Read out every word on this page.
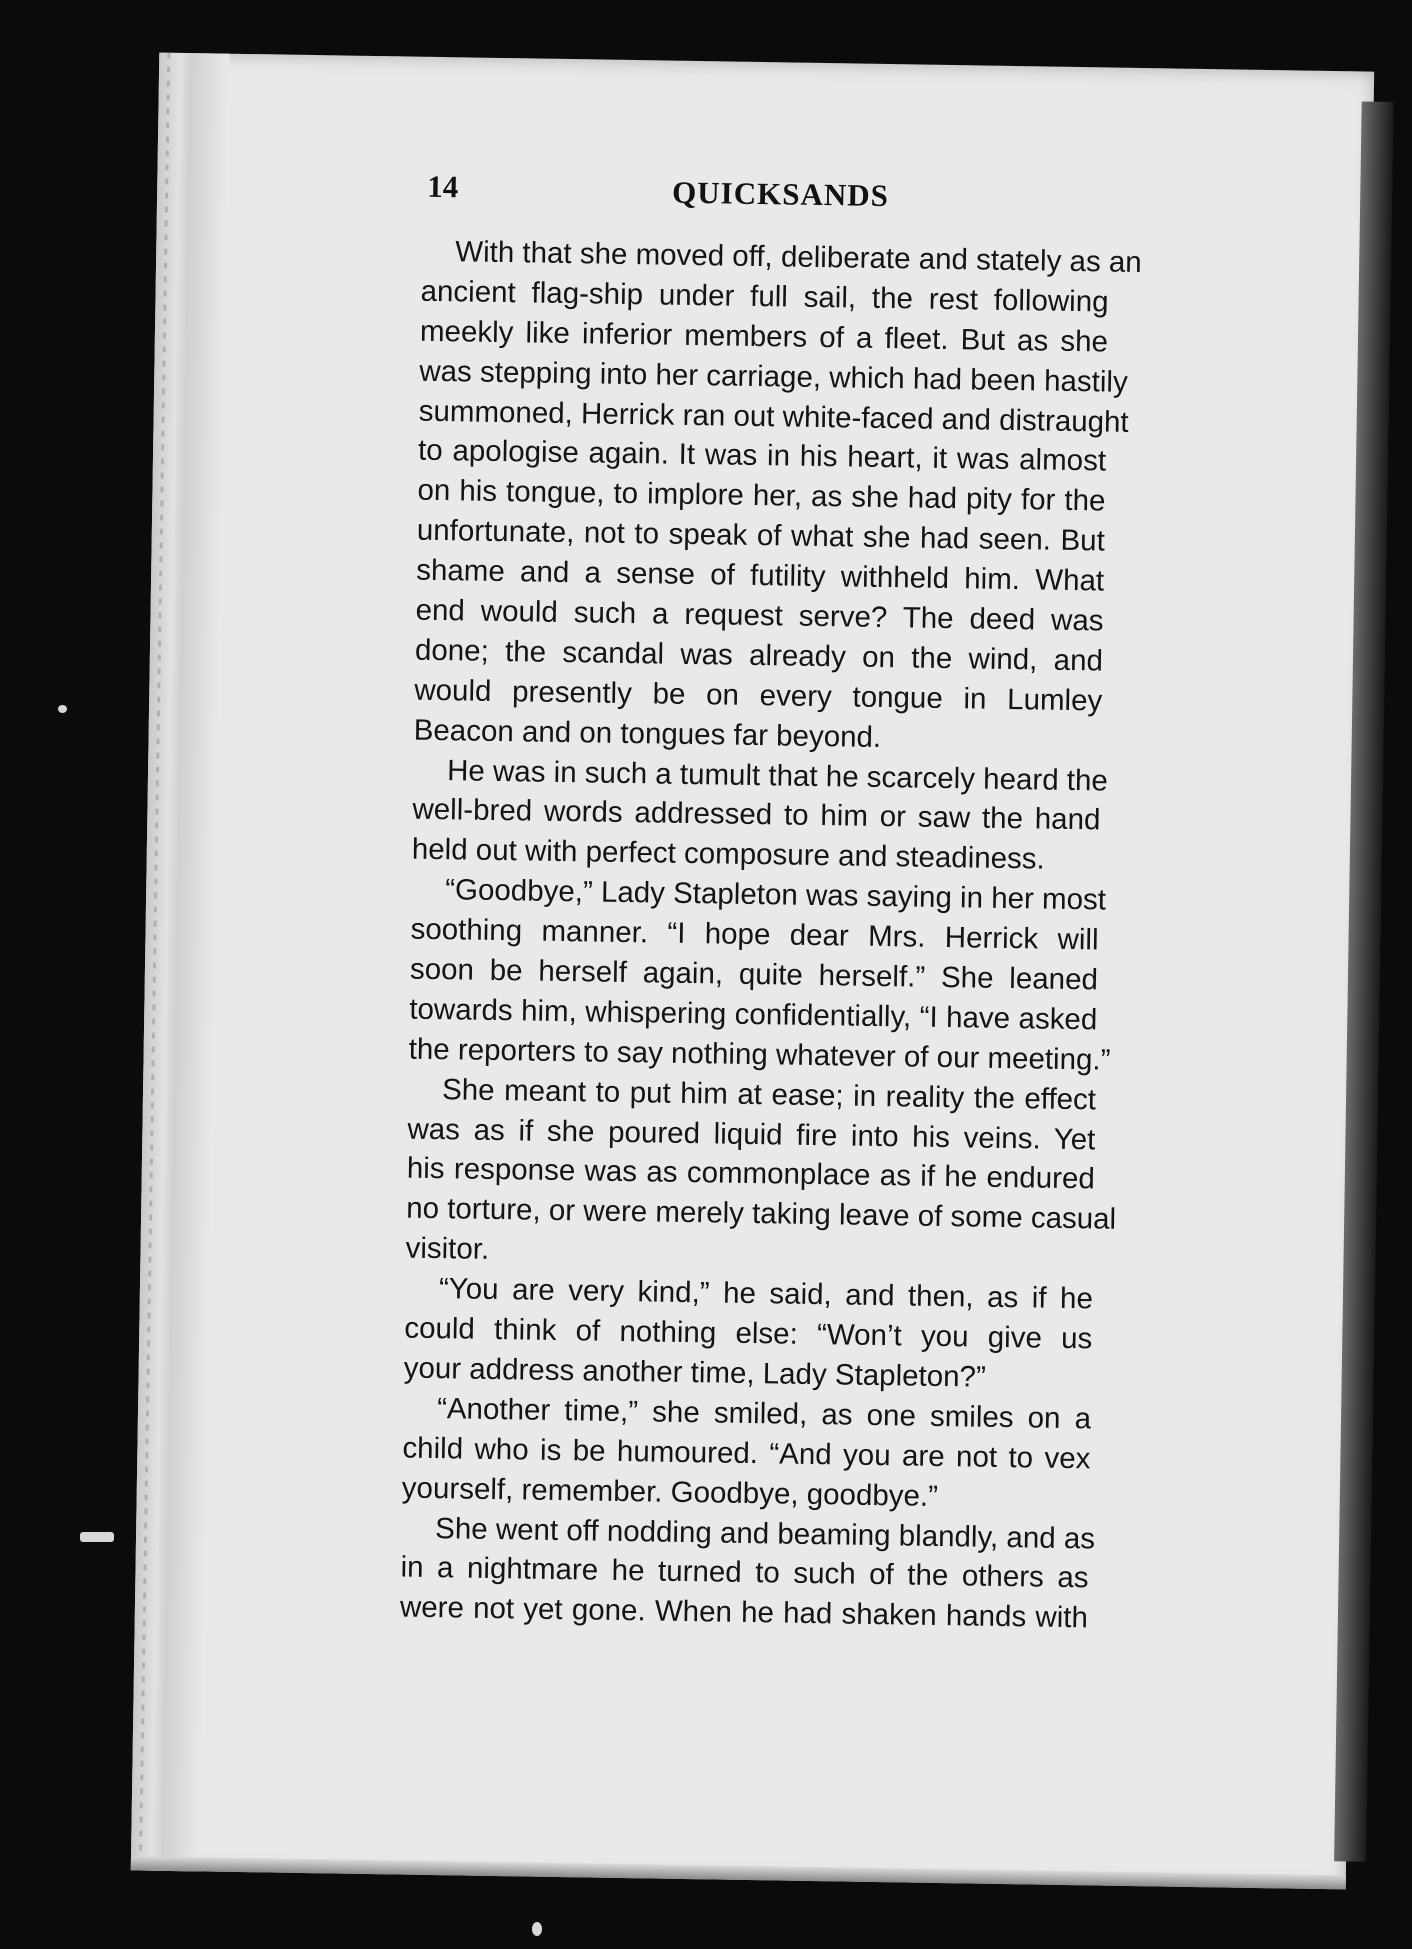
14	QUICKSANDS
With that she moved off, deliberate and stately as an
ancient flag-ship under full sail, the rest following
meekly like inferior members of a fleet. But as she
was stepping into her carriage, which had been hastily
summoned, Herrick ran out white-faced and distraught
to apologise again. It was in his heart, it was almost
on his tongue, to implore her, as she had pity for the
unfortunate, not to speak of what she had seen. But
shame and a sense of futility withheld him. What
end would such a request serve? The deed was
done; the scandal was already on the wind, and
would presently be on every tongue in Lumley
Beacon and on tongues far beyond.
He was in such a tumult that he scarcely heard the
well-bred words addressed to him or saw the hand
held out with perfect composure and steadiness.
“Goodbye,” Lady Stapleton was saying in her most
soothing manner. “I hope dear Mrs. Herrick will
soon be herself again, quite herself.” She leaned
towards him, whispering confidentially, “I have asked
the reporters to say nothing whatever of our meeting.”
She meant to put him at ease; in reality the effect
was as if she poured liquid fire into his veins. Yet
his response was as commonplace as if he endured
no torture, or were merely taking leave of some casual
visitor.
“You are very kind,” he said, and then, as if he
could think of nothing else: “Won’t you give us
your address another time, Lady Stapleton?”
“Another time,” she smiled, as one smiles on a
child who is be humoured. “And you are not to vex
yourself, remember. Goodbye, goodbye.”
She went off nodding and beaming blandly, and as
in a nightmare he turned to such of the others as
were not yet gone. When he had shaken hands with
